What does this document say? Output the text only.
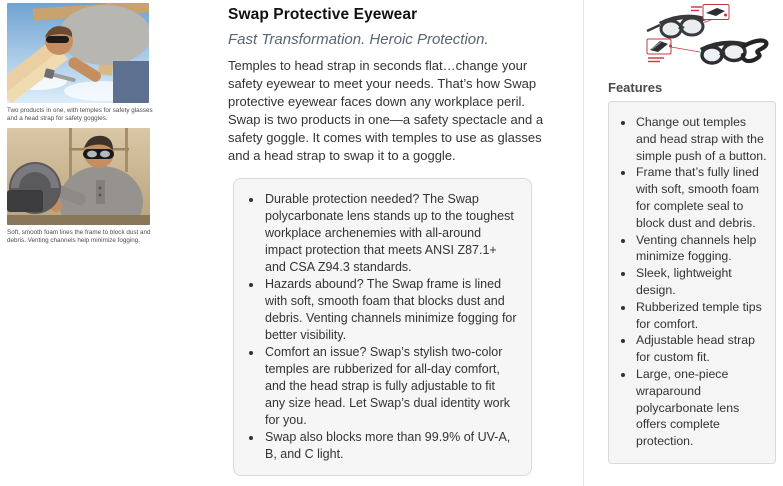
Two products in one, with temples for safety glasses and a head strap for safety goggles.
Soft, smooth foam lines the frame to block dust and debris. Venting channels help minimize fogging.
Swap Protective Eyewear
Fast Transformation. Heroic Protection.

Temples to head strap in seconds flat…change your safety eyewear to meet your needs. That’s how Swap protective eyewear faces down any workplace peril. Swap is two products in one—a safety spectacle and a safety goggle. It comes with temples to use as glasses and a head strap to swap it to a goggle.

• Durable protection needed? The Swap polycarbonate lens stands up to the toughest workplace archenemies with all-around impact protection that meets ANSI Z87.1+ and CSA Z94.3 standards.
• Hazards abound? The Swap frame is lined with soft, smooth foam that blocks dust and debris. Venting channels minimize fogging for better visibility.
• Comfort an issue? Swap’s stylish two-color temples are rubberized for all-day comfort, and the head strap is fully adjustable to fit any size head. Let Swap’s dual identity work for you.
• Swap also blocks more than 99.9% of UV-A, B, and C light.
Features
• Change out temples and head strap with the simple push of a button.
• Frame that’s fully lined with soft, smooth foam for complete seal to block dust and debris.
• Venting channels help minimize fogging.
• Sleek, lightweight design.
• Rubberized temple tips for comfort.
• Adjustable head strap for custom fit.
• Large, one-piece wraparound polycarbonate lens offers complete protection.
